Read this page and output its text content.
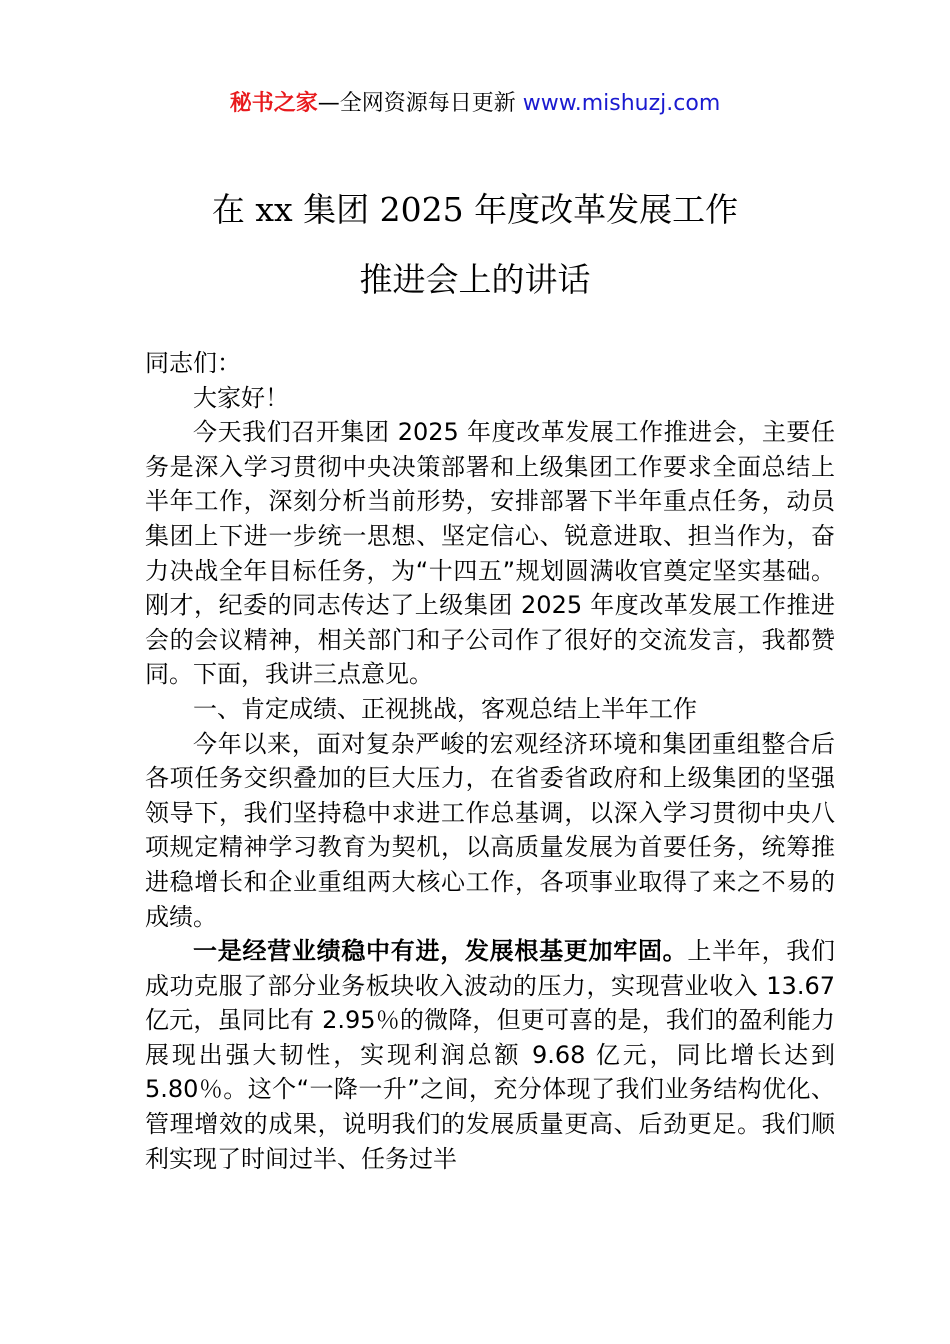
秘书之家—全网资源每日更新 www.mishuzj.com
在 xx 集团 2025 年度改革发展工作
推进会上的讲话

同志们：

大家好！

今天我们召开集团 2025 年度改革发展工作推进会，主要任务是深入学习贯彻中央决策部署和上级集团工作要求全面总结上半年工作，深刻分析当前形势，安排部署下半年重点任务，动员集团上下进一步统一思想、坚定信心、锐意进取、担当作为，奋力决战全年目标任务，为“十四五”规划圆满收官奠定坚实基础。刚才，纪委的同志传达了上级集团 2025 年度改革发展工作推进会的会议精神，相关部门和子公司作了很好的交流发言，我都赞同。下面，我讲三点意见。

一、肯定成绩、正视挑战，客观总结上半年工作

今年以来，面对复杂严峻的宏观经济环境和集团重组整合后各项任务交织叠加的巨大压力，在省委省政府和上级集团的坚强领导下，我们坚持稳中求进工作总基调，以深入学习贯彻中央八项规定精神学习教育为契机，以高质量发展为首要任务，统筹推进稳增长和企业重组两大核心工作，各项事业取得了来之不易的成绩。

一是经营业绩稳中有进，发展根基更加牢固。上半年，我们成功克服了部分业务板块收入波动的压力，实现营业收入 13.67 亿元，虽同比有 2.95％的微降，但更可喜的是，我们的盈利能力展现出强大韧性，实现利润总额 9.68 亿元，同比增长达到 5.80％。这个“一降一升”之间，充分体现了我们业务结构优化、管理增效的成果，说明我们的发展质量更高、后劲更足。我们顺利实现了时间过半、任务过半
